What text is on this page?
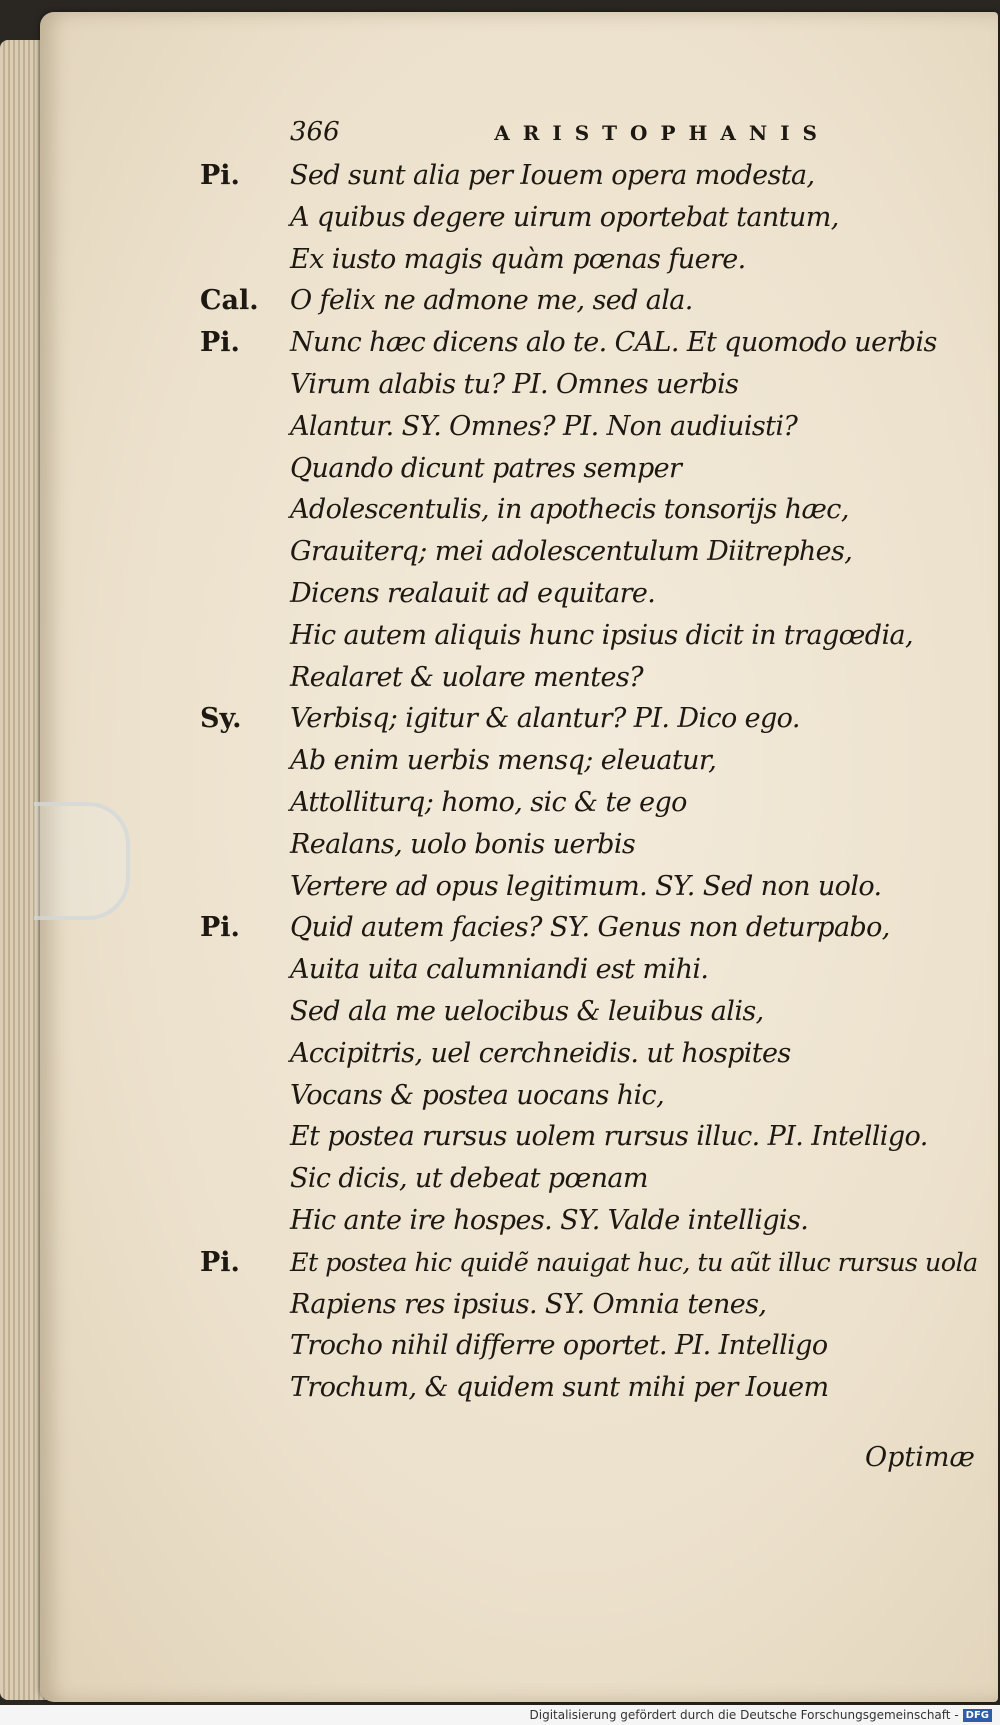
366	ARISTOPHANIS
Pi.	Sed sunt alia per Iouem opera modesta,
A quibus degere uirum oportebat tantum,
Ex iusto magis quàm pœnas fuere.
Cal.	O felix ne admone me, sed ala.
Pi.	Nunc hæc dicens alo te. CAL. Et quomodo uerbis
Virum alabis tu? PI. Omnes uerbis
Alantur. SY. Omnes? PI. Non audiuisti?
Quando dicunt patres semper
Adolescentulis, in apothecis tonsorijs hæc,
Grauiterq; mei adolescentulum Diitrephes,
Dicens realauit ad equitare.
Hic autem aliquis hunc ipsius dicit in tragœdia,
Realaret & uolare mentes?
Sy.	Verbisq; igitur & alantur? PI. Dico ego.
Ab enim uerbis mensq; eleuatur,
Attolliturq; homo, sic & te ego
Realans, uolo bonis uerbis
Vertere ad opus legitimum. SY. Sed non uolo.
Pi.	Quid autem facies? SY. Genus non deturpabo,
Auita uita calumniandi est mihi.
Sed ala me uelocibus & leuibus alis,
Accipitris, uel cerchneidis. ut hospites
Vocans & postea uocans hic,
Et postea rursus uolem rursus illuc. PI. Intelligo.
Sic dicis, ut debeat pœnam
Hic ante ire hospes. SY. Valde intelligis.
Pi.	Et postea hic quidẽ nauigat huc, tu aũt illuc rursus uola
Rapiens res ipsius. SY. Omnia tenes,
Trocho nihil differre oportet. PI. Intelligo
Trochum, & quidem sunt mihi per Iouem
Optimæ
Digitalisierung gefördert durch die Deutsche Forschungsgemeinschaft - DFG
